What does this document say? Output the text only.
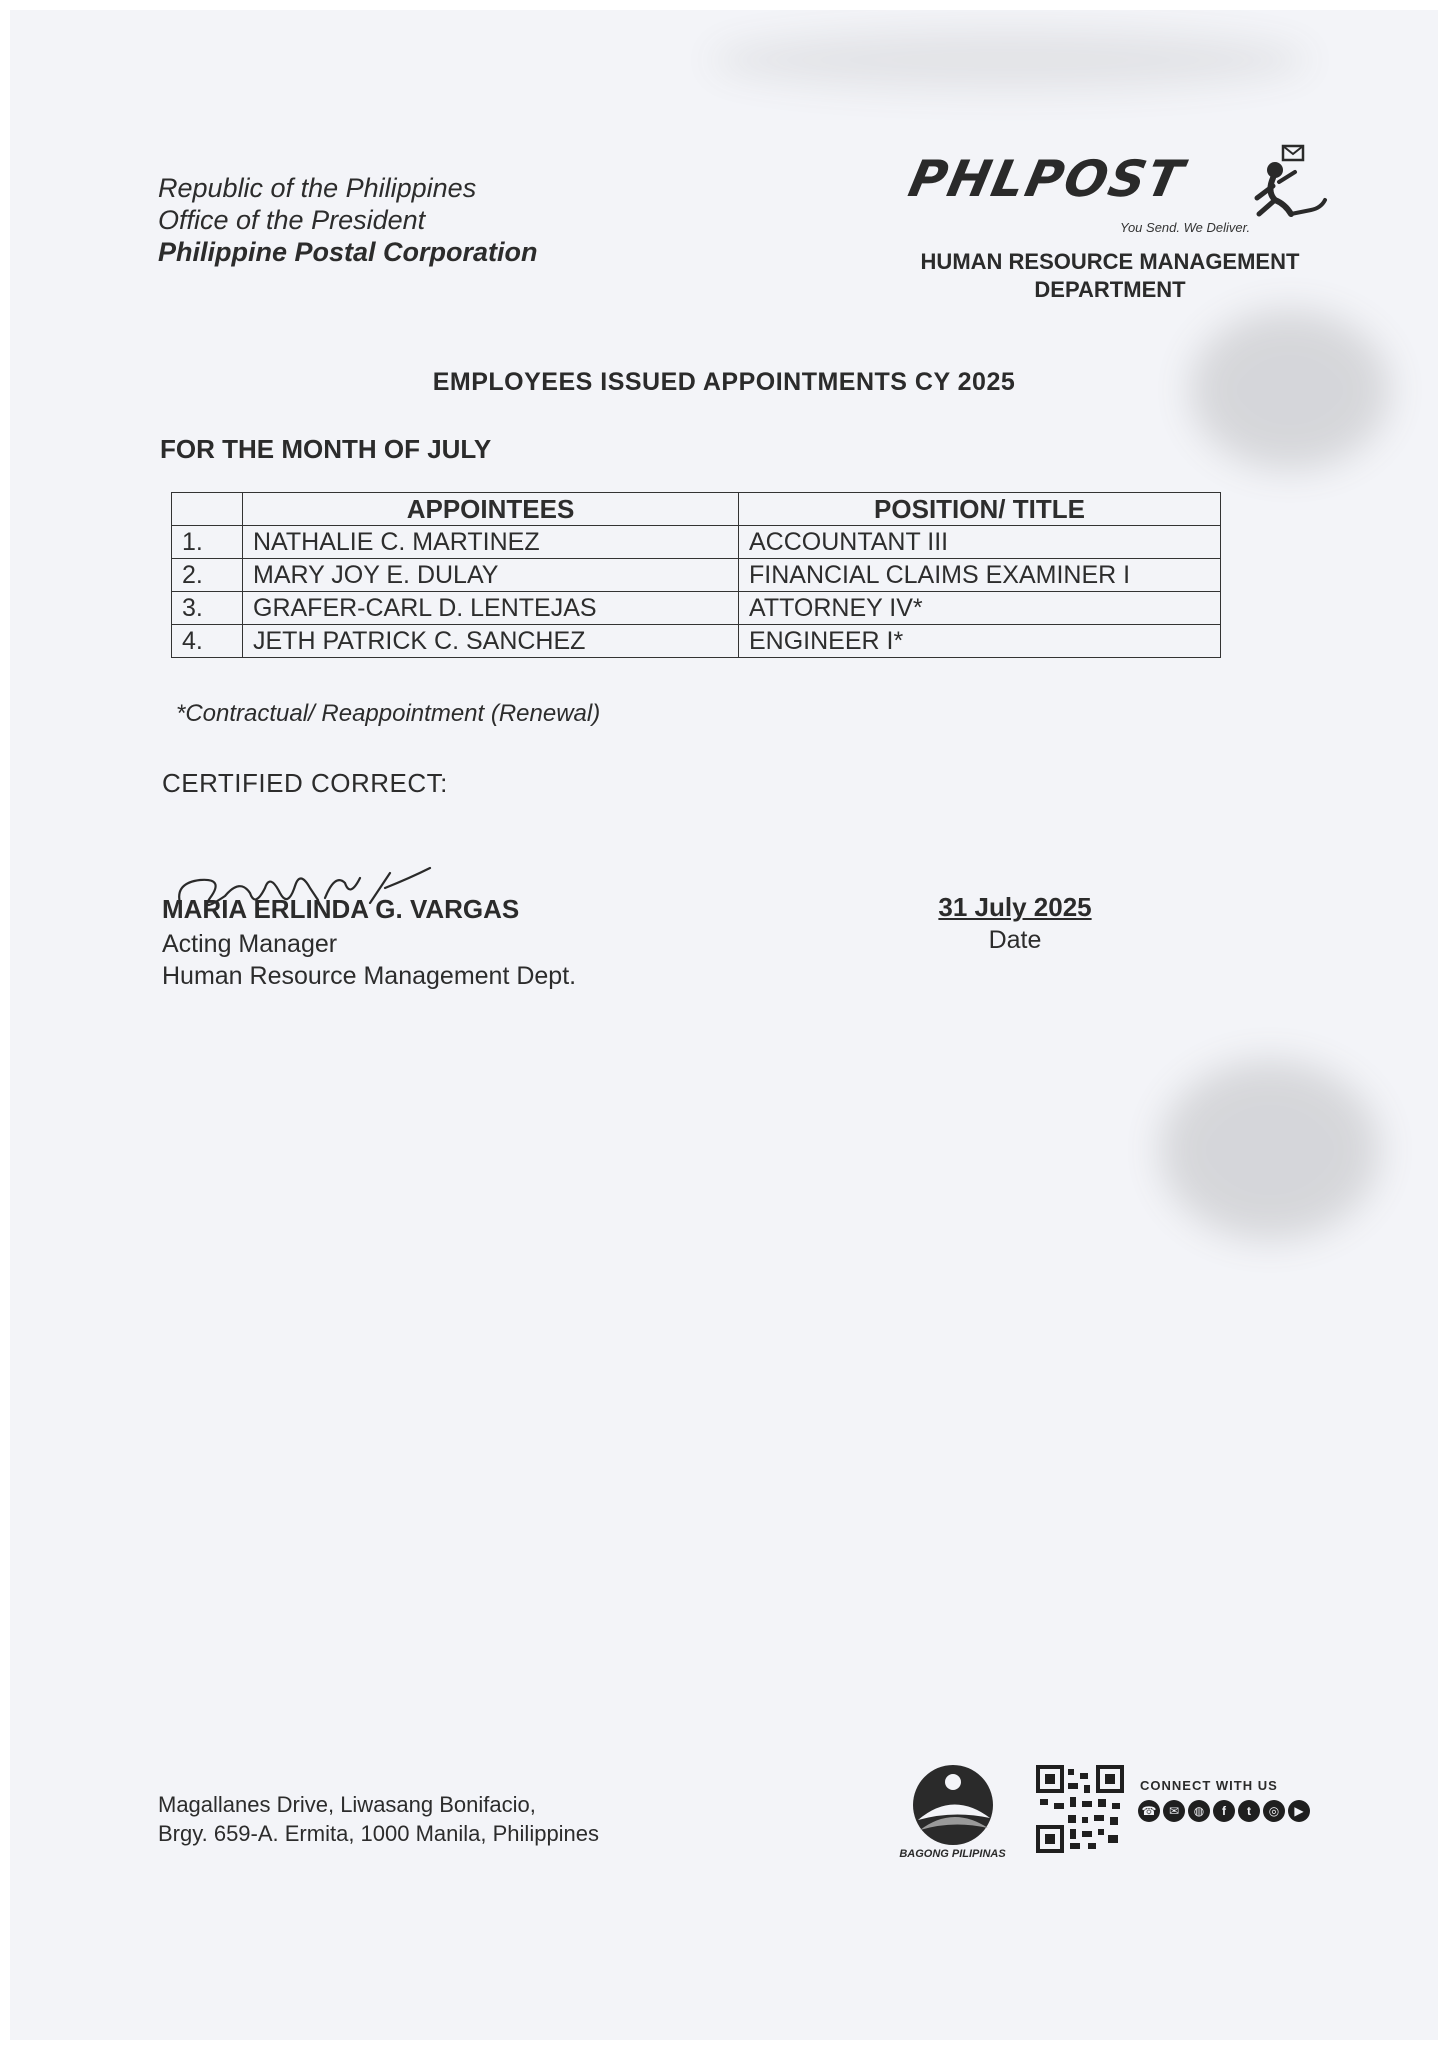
Republic of the Philippines
Office of the President
Philippine Postal Corporation
PHLPOST
You Send. We Deliver.
HUMAN RESOURCE MANAGEMENT DEPARTMENT
EMPLOYEES ISSUED APPOINTMENTS CY 2025
FOR THE MONTH OF JULY
	APPOINTEES	POSITION/ TITLE
1.	NATHALIE C. MARTINEZ	ACCOUNTANT III
2.	MARY JOY E. DULAY	FINANCIAL CLAIMS EXAMINER I
3.	GRAFER-CARL D. LENTEJAS	ATTORNEY IV*
4.	JETH PATRICK C. SANCHEZ	ENGINEER I*
*Contractual/ Reappointment (Renewal)
CERTIFIED CORRECT:
MARIA ERLINDA G. VARGAS
Acting Manager
Human Resource Management Dept.
31 July 2025
Date
Magallanes Drive, Liwasang Bonifacio,
Brgy. 659-A. Ermita, 1000 Manila, Philippines
BAGONG PILIPINAS
CONNECT WITH US
☎	✉	◍	f	t	◎	▶
